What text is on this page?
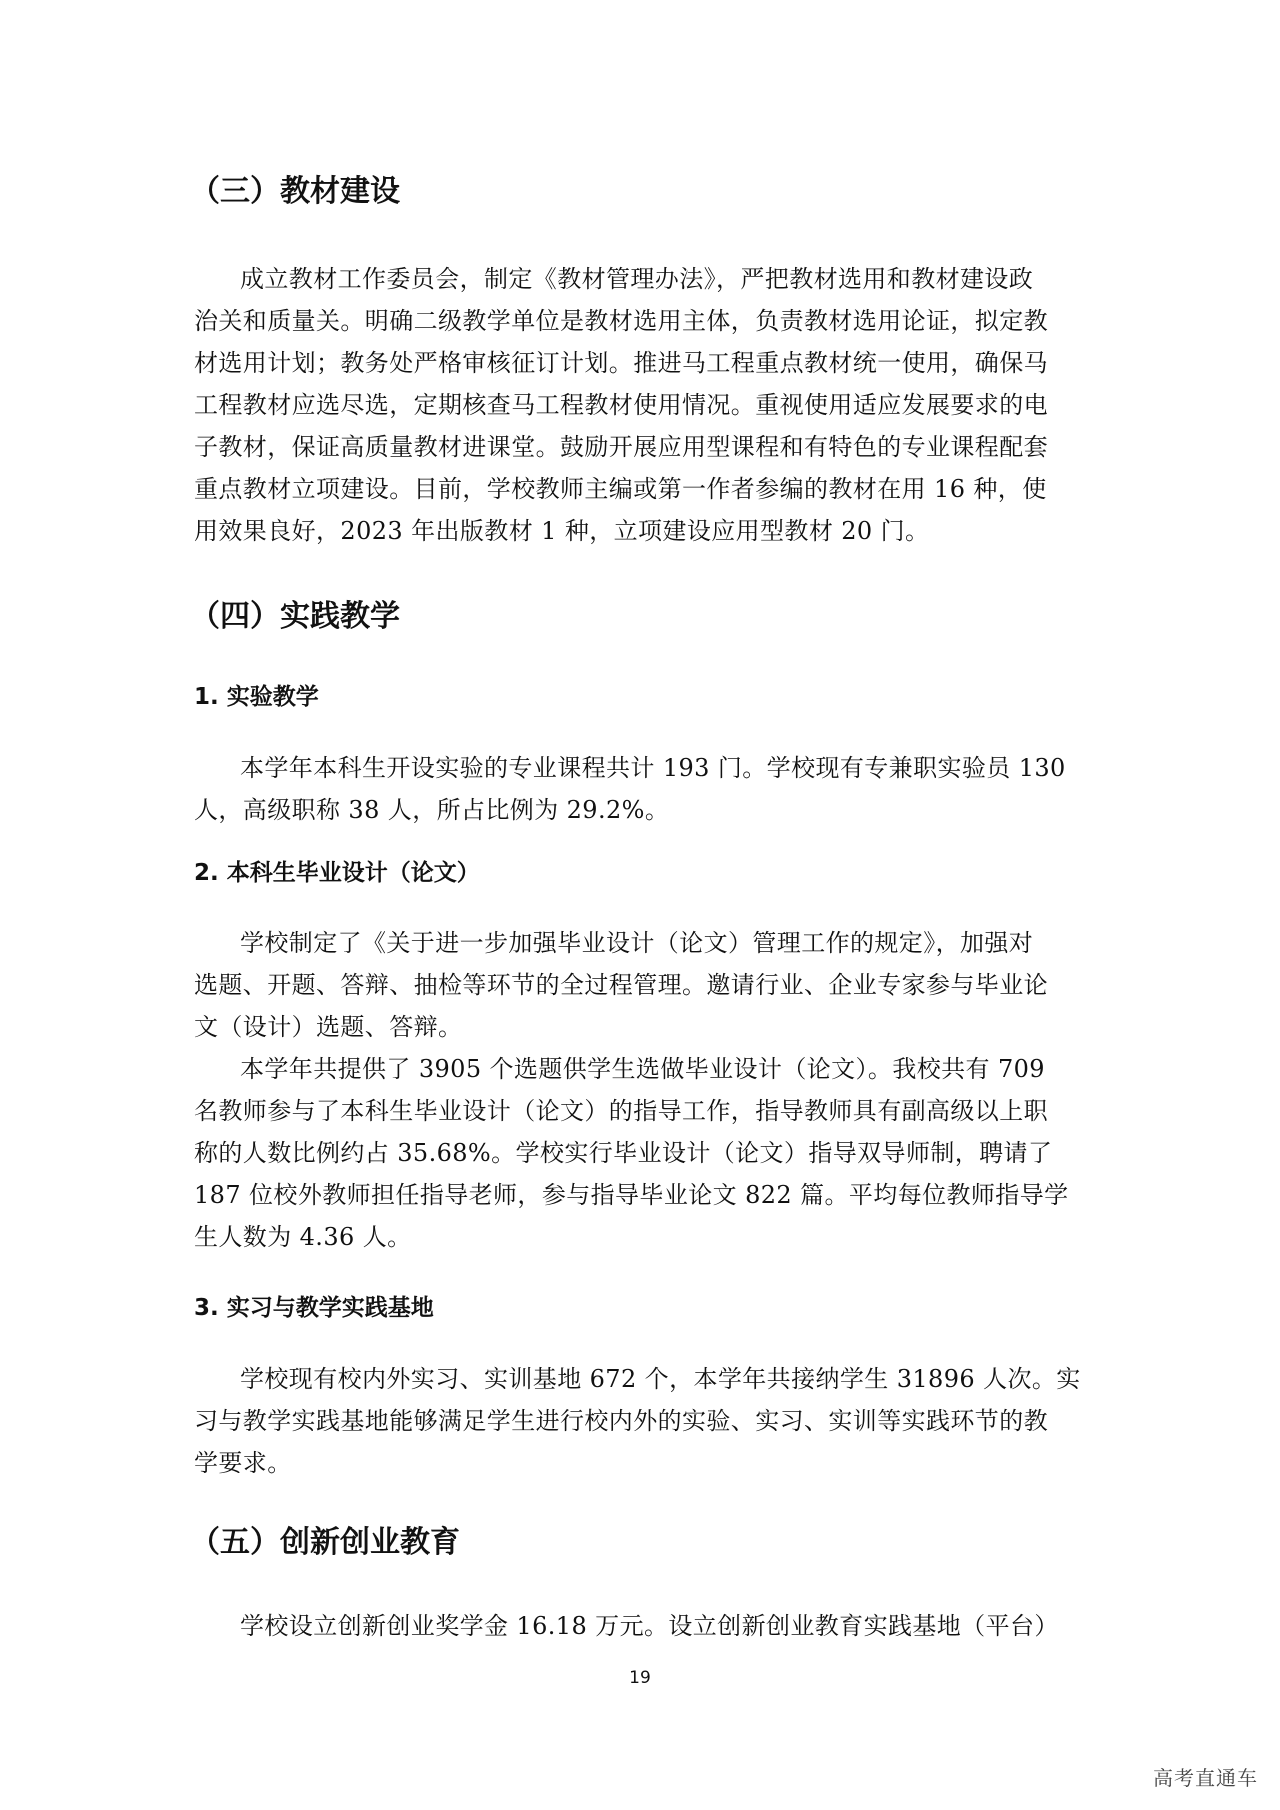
（三）教材建设
成立教材工作委员会，制定《教材管理办法》，严把教材选用和教材建设政
治关和质量关。明确二级教学单位是教材选用主体，负责教材选用论证，拟定教
材选用计划；教务处严格审核征订计划。推进马工程重点教材统一使用，确保马
工程教材应选尽选，定期核查马工程教材使用情况。重视使用适应发展要求的电
子教材，保证高质量教材进课堂。鼓励开展应用型课程和有特色的专业课程配套
重点教材立项建设。目前，学校教师主编或第一作者参编的教材在用 16 种，使
用效果良好，2023 年出版教材 1 种，立项建设应用型教材 20 门。
（四）实践教学
1. 实验教学
本学年本科生开设实验的专业课程共计 193 门。学校现有专兼职实验员 130
人，高级职称 38 人，所占比例为 29.2%。
2. 本科生毕业设计（论文）
学校制定了《关于进一步加强毕业设计（论文）管理工作的规定》，加强对
选题、开题、答辩、抽检等环节的全过程管理。邀请行业、企业专家参与毕业论
文（设计）选题、答辩。
本学年共提供了 3905 个选题供学生选做毕业设计（论文）。我校共有 709
名教师参与了本科生毕业设计（论文）的指导工作，指导教师具有副高级以上职
称的人数比例约占 35.68%。学校实行毕业设计（论文）指导双导师制，聘请了
187 位校外教师担任指导老师，参与指导毕业论文 822 篇。平均每位教师指导学
生人数为 4.36 人。
3. 实习与教学实践基地
学校现有校内外实习、实训基地 672 个，本学年共接纳学生 31896 人次。实
习与教学实践基地能够满足学生进行校内外的实验、实习、实训等实践环节的教
学要求。
（五）创新创业教育
学校设立创新创业奖学金 16.18 万元。设立创新创业教育实践基地（平台）
19
高考直通车
